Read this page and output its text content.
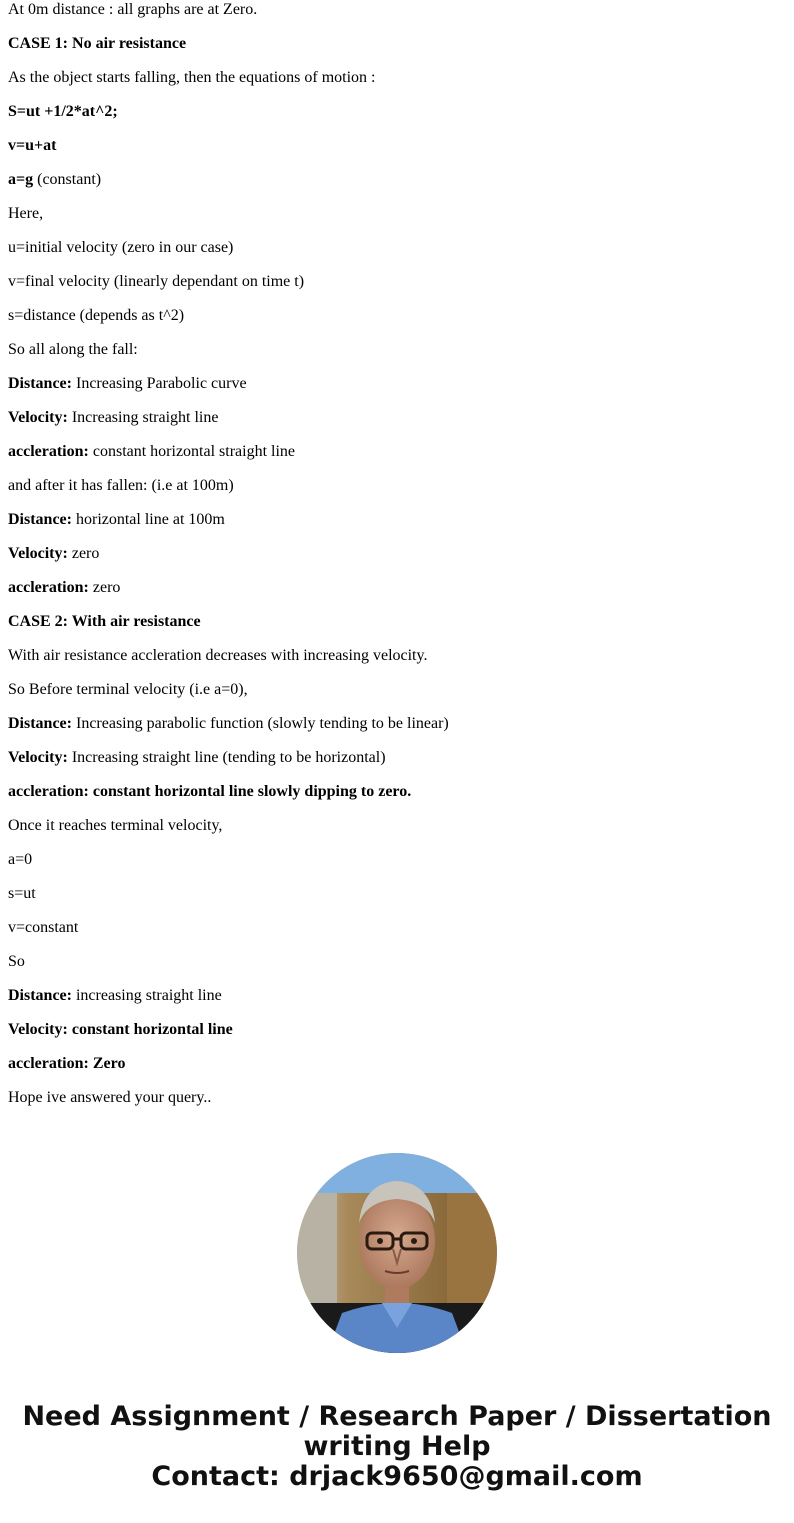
At 0m distance : all graphs are at Zero.
CASE 1: No air resistance
As the object starts falling, then the equations of motion :
S=ut +1/2*at^2;
v=u+at
a=g (constant)
Here,
u=initial velocity (zero in our case)
v=final velocity (linearly dependant on time t)
s=distance (depends as t^2)
So all along the fall:
Distance: Increasing Parabolic curve
Velocity: Increasing straight line
accleration: constant horizontal straight line
and after it has fallen: (i.e at 100m)
Distance: horizontal line at 100m
Velocity: zero
accleration: zero
CASE 2: With air resistance
With air resistance accleration decreases with increasing velocity.
So Before terminal velocity (i.e a=0),
Distance: Increasing parabolic function (slowly tending to be linear)
Velocity: Increasing straight line (tending to be horizontal)
accleration: constant horizontal line slowly dipping to zero.
Once it reaches terminal velocity,
a=0
s=ut
v=constant
So
Distance: increasing straight line
Velocity: constant horizontal line
accleration: Zero
Hope ive answered your query..
Need Assignment / Research Paper / Dissertation
writing Help
Contact: drjack9650@gmail.com
